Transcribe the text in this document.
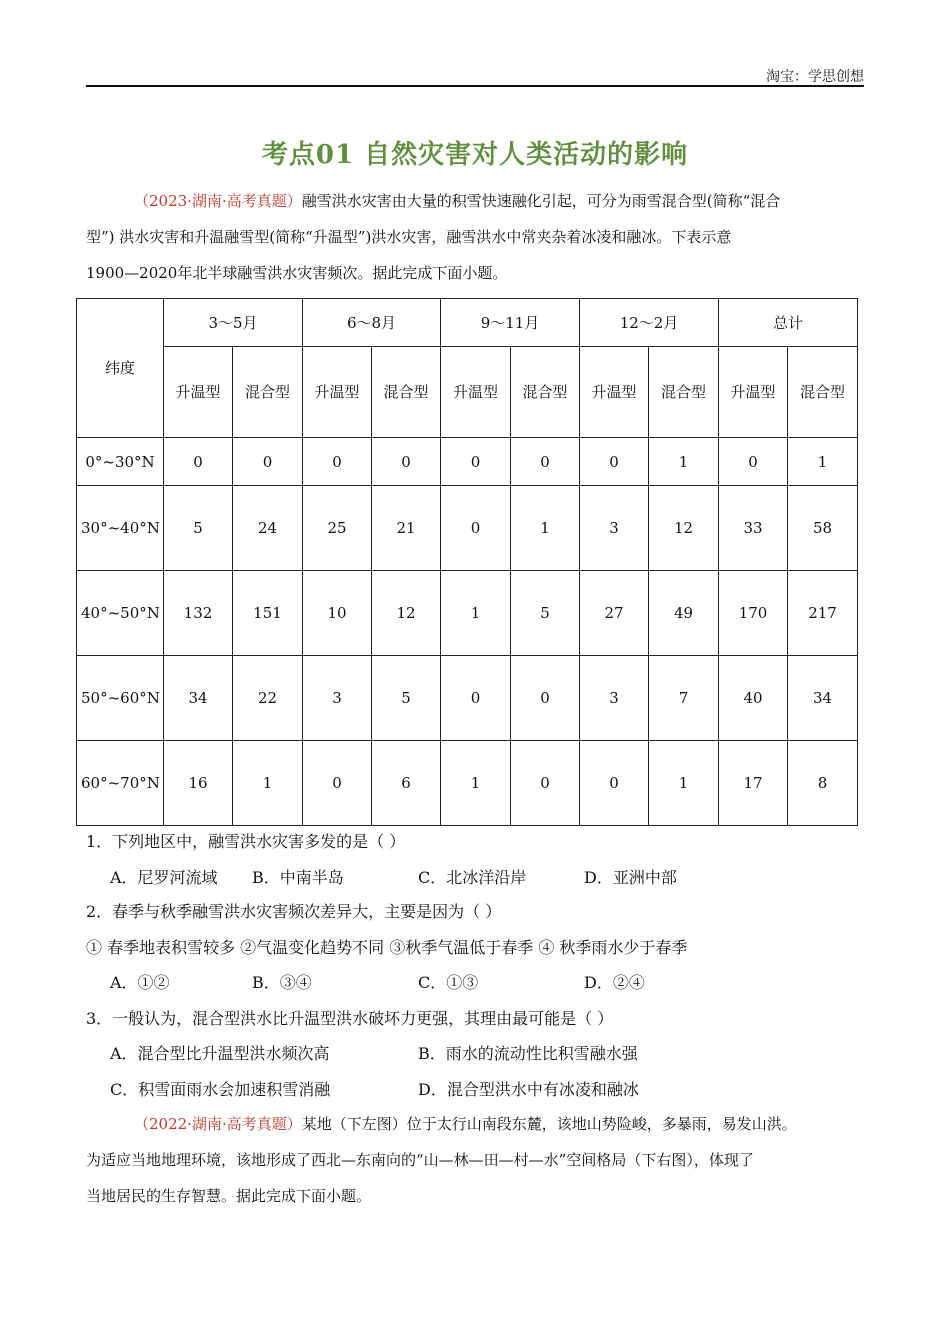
淘宝：学思创想
考点01 自然灾害对人类活动的影响
（2023·湖南·高考真题）融雪洪水灾害由大量的积雪快速融化引起，可分为雨雪混合型(简称“混合
型”) 洪水灾害和升温融雪型(简称“升温型”)洪水灾害，融雪洪水中常夹杂着冰凌和融冰。下表示意
1900—2020年北半球融雪洪水灾害频次。据此完成下面小题。
纬度	3～5月		6～8月		9～11月		12～2月		总计	
	升温型	混合型	升温型	混合型	升温型	混合型	升温型	混合型	升温型	混合型
0°~30°N	0	0	0	0	0	0	0	1	0	1
30°~40°N	5	24	25	21	0	1	3	12	33	58
40°~50°N	132	151	10	12	1	5	27	49	170	217
50°~60°N	34	22	3	5	0	0	3	7	40	34
60°~70°N	16	1	0	6	1	0	0	1	17	8
1．下列地区中，融雪洪水灾害多发的是（ ）
A．尼罗河流域 B．中南半岛	C．北冰洋沿岸	D．亚洲中部
2．春季与秋季融雪洪水灾害频次差异大，主要是因为（ ）
① 春季地表积雪较多 ②气温变化趋势不同 ③秋季气温低于春季 ④ 秋季雨水少于春季
A．①②	B．③④	C．①③	D．②④
3．一般认为，混合型洪水比升温型洪水破坏力更强，其理由最可能是（ ）
A．混合型比升温型洪水频次高	B．雨水的流动性比积雪融水强
C．积雪面雨水会加速积雪消融	D．混合型洪水中有冰凌和融冰
（2022·湖南·高考真题）某地（下左图）位于太行山南段东麓，该地山势险峻，多暴雨，易发山洪。
为适应当地地理环境，该地形成了西北—东南向的“山—林—田—村—水”空间格局（下右图），体现了
当地居民的生存智慧。据此完成下面小题。
